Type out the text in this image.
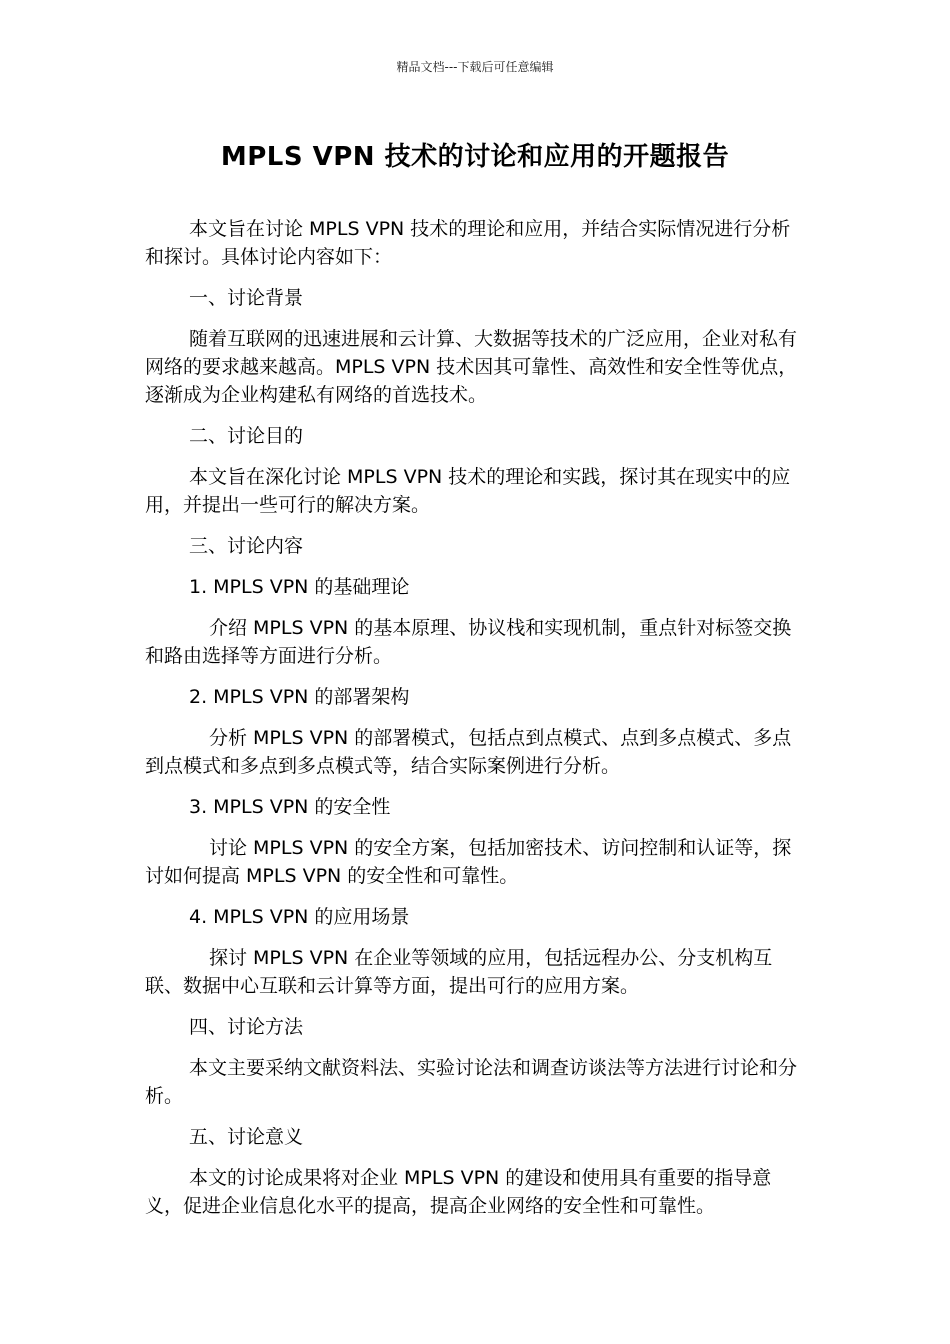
精品文档---下载后可任意编辑
MPLS VPN 技术的讨论和应用的开题报告

本文旨在讨论 MPLS VPN 技术的理论和应用，并结合实际情况进行分析和探讨。具体讨论内容如下：

一、讨论背景

随着互联网的迅速进展和云计算、大数据等技术的广泛应用，企业对私有网络的要求越来越高。MPLS VPN 技术因其可靠性、高效性和安全性等优点，逐渐成为企业构建私有网络的首选技术。

二、讨论目的

本文旨在深化讨论 MPLS VPN 技术的理论和实践，探讨其在现实中的应用，并提出一些可行的解决方案。

三、讨论内容

1. MPLS VPN 的基础理论

介绍 MPLS VPN 的基本原理、协议栈和实现机制，重点针对标签交换和路由选择等方面进行分析。

2. MPLS VPN 的部署架构

分析 MPLS VPN 的部署模式，包括点到点模式、点到多点模式、多点到点模式和多点到多点模式等，结合实际案例进行分析。

3. MPLS VPN 的安全性

讨论 MPLS VPN 的安全方案，包括加密技术、访问控制和认证等，探讨如何提高 MPLS VPN 的安全性和可靠性。

4. MPLS VPN 的应用场景

探讨 MPLS VPN 在企业等领域的应用，包括远程办公、分支机构互联、数据中心互联和云计算等方面，提出可行的应用方案。

四、讨论方法

本文主要采纳文献资料法、实验讨论法和调查访谈法等方法进行讨论和分析。

五、讨论意义

本文的讨论成果将对企业 MPLS VPN 的建设和使用具有重要的指导意义，促进企业信息化水平的提高，提高企业网络的安全性和可靠性。
